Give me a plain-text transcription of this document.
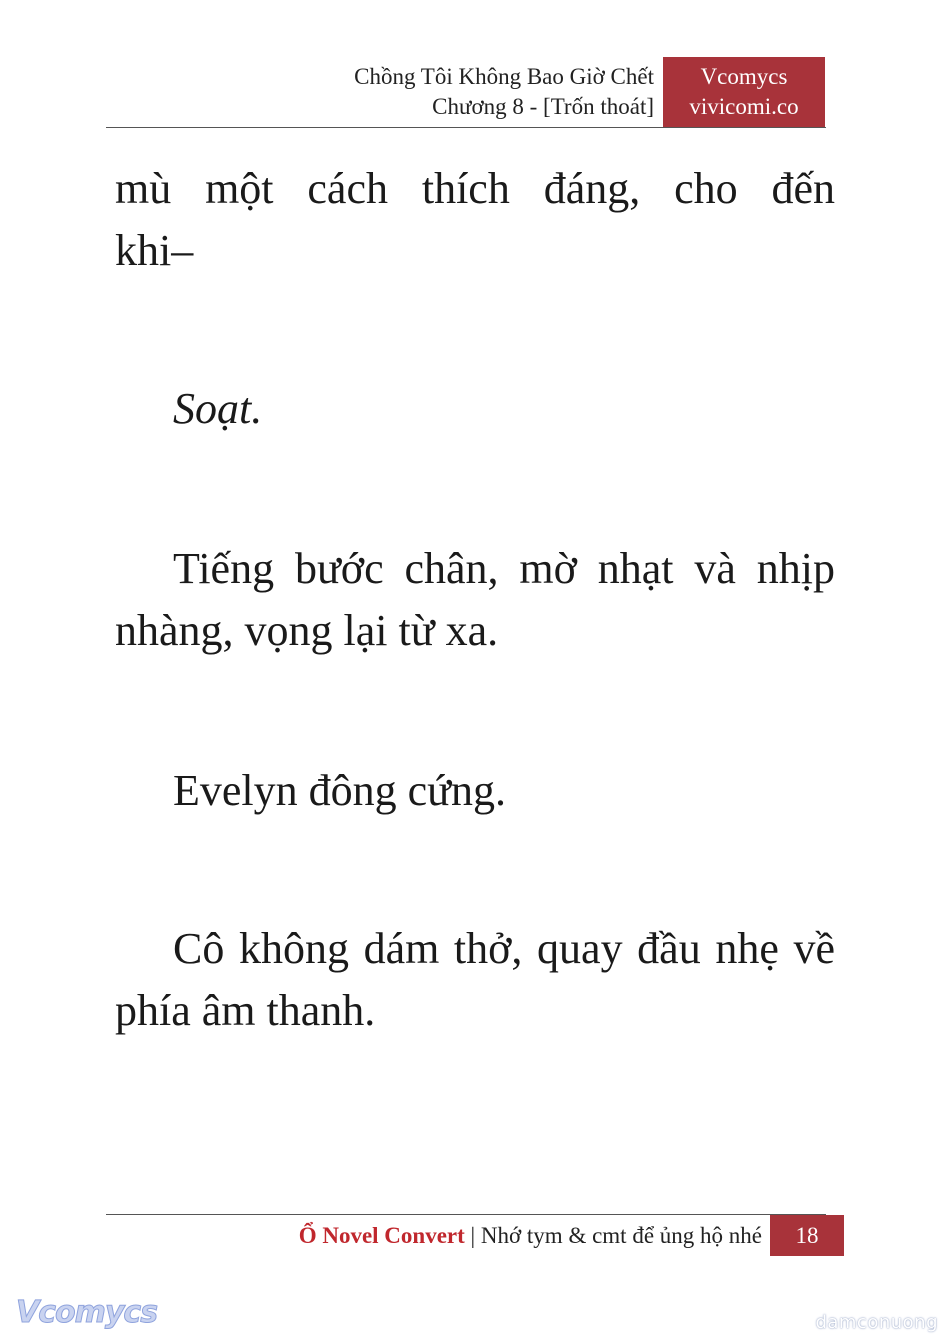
Chồng Tôi Không Bao Giờ Chết
Chương 8 - [Trốn thoát]
Vcomycs
vivicomi.co
mù một cách thích đáng, cho đến
khi–
Soạt.
Tiếng bước chân, mờ nhạt và nhịp nhàng, vọng lại từ xa.
Evelyn đông cứng.
Cô không dám thở, quay đầu nhẹ về phía âm thanh.
Ổ Novel Convert | Nhớ tym & cmt để ủng hộ nhé	18
Vcomycs	damconuong
